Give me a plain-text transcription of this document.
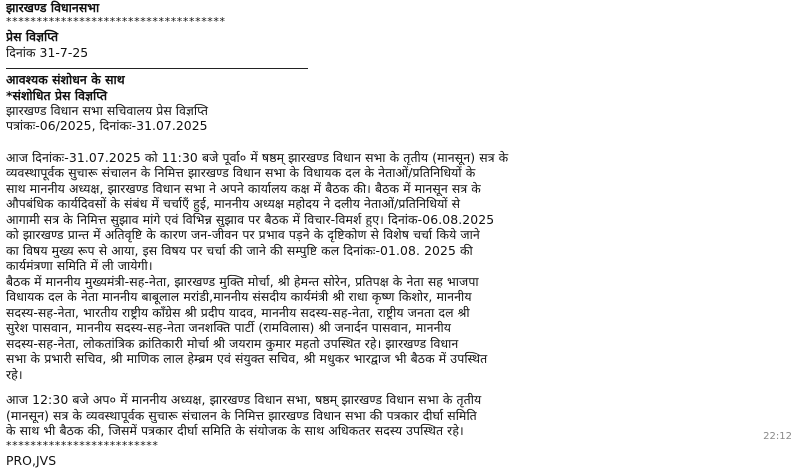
झारखण्ड विधानसभा
************************************
प्रेस विज्ञप्ति
दिनांक 31-7-25
आवश्यक संशोधन के साथ
*संशोधित प्रेस विज्ञप्ति
झारखण्ड विधान सभा सचिवालय प्रेस विज्ञप्ति
पत्रांकः-06/2025, दिनांकः-31.07.2025
आज दिनांकः-31.07.2025 को 11:30 बजे पूर्वा० में षष्ठम् झारखण्ड विधान सभा के तृतीय (मानसून) सत्र के
व्यवस्थापूर्वक सुचारू संचालन के निमित्त झारखण्ड विधान सभा के विधायक दल के नेताओं/प्रतिनिधियों के
साथ माननीय अध्यक्ष, झारखण्ड विधान सभा ने अपने कार्यालय कक्ष में बैठक की। बैठक में मानसून सत्र के
औपबंधिक कार्यदिवसों के संबंध में चर्चाएँ हुई, माननीय अध्यक्ष महोदय ने दलीय नेताओं/प्रतिनिधियों से
आगामी सत्र के निमित्त सुझाव मांगे एवं विभिन्न सुझाव पर बैठक में विचार-विमर्श हुए। दिनांक-06.08.2025
को झारखण्ड प्रान्त में अतिवृष्टि के कारण जन-जीवन पर प्रभाव पड़ने के दृष्टिकोण से विशेष चर्चा किये जाने
का विषय मुख्य रूप से आया, इस विषय पर चर्चा की जाने की सम्पुष्टि कल दिनांकः-01.08. 2025 की
कार्यमंत्रणा समिति में ली जायेगी।
बैठक में माननीय मुख्यमंत्री-सह-नेता, झारखण्ड मुक्ति मोर्चा, श्री हेमन्त सोरेन, प्रतिपक्ष के नेता सह भाजपा
विधायक दल के नेता माननीय बाबूलाल मरांडी,माननीय संसदीय कार्यमंत्री श्री राधा कृष्ण किशोर, माननीय
सदस्य-सह-नेता, भारतीय राष्ट्रीय कॉंग्रेस श्री प्रदीप यादव, माननीय सदस्य-सह-नेता, राष्ट्रीय जनता दल श्री
सुरेश पासवान, माननीय सदस्य-सह-नेता जनशक्ति पार्टी (रामविलास) श्री जनार्दन पासवान, माननीय
सदस्य-सह-नेता, लोकतांत्रिक क्रांतिकारी मोर्चा श्री जयराम कुमार महतो उपस्थित रहे। झारखण्ड विधान
सभा के प्रभारी सचिव, श्री माणिक लाल हेम्ब्रम एवं संयुक्त सचिव, श्री मधुकर भारद्वाज भी बैठक में उपस्थित
रहे।
आज 12:30 बजे अप० में माननीय अध्यक्ष, झारखण्ड विधान सभा, षष्ठम् झारखण्ड विधान सभा के तृतीय
(मानसून) सत्र के व्यवस्थापूर्वक सुचारू संचालन के निमित्त झारखण्ड विधान सभा की पत्रकार दीर्घा समिति
के साथ भी बैठक की, जिसमें पत्रकार दीर्घा समिति के संयोजक के साथ अधिकतर सदस्य उपस्थित रहे।
*************************
PRO,JVS
22:12
